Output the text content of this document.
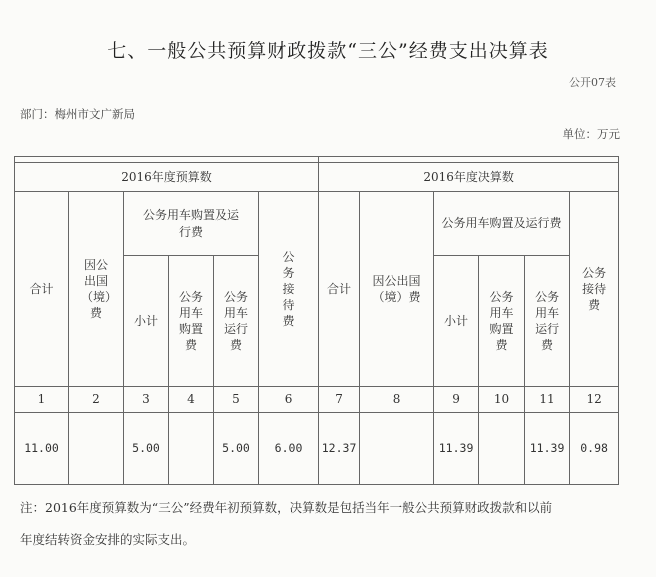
七、一般公共预算财政拨款“三公”经费支出决算表
公开07表
部门：梅州市文广新局
单位：万元

2016年度预算数						2016年度决算数					
合计	因公出国（境）费	公务用车购置及运行费			公务接待费	合计	因公出国（境）费	公务用车购置及运行费			公务接待费
		小计	公务用车购置费	公务用车运行费				小计	公务用车购置费	公务用车运行费	
1	2	3	4	5	6	7	8	9	10	11	12
11.00		5.00		5.00	6.00	12.37		11.39		11.39	0.98
注：2016年度预算数为“三公”经费年初预算数，决算数是包括当年一般公共预算财政拨款和以前
年度结转资金安排的实际支出。
